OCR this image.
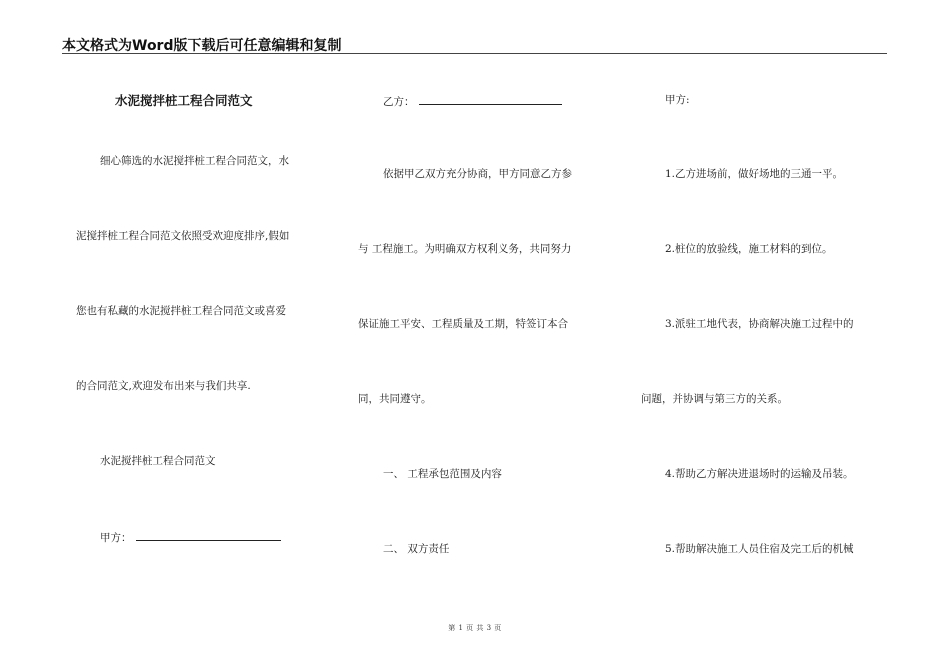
本文格式为Word版下载后可任意编辑和复制
水泥搅拌桩工程合同范文
细心筛选的水泥搅拌桩工程合同范文，水
泥搅拌桩工程合同范文依照受欢迎度排序,假如
您也有私藏的水泥搅拌桩工程合同范文或喜爱
的合同范文,欢迎发布出来与我们共享.
水泥搅拌桩工程合同范文
甲方：
乙方：
依据甲乙双方充分协商，甲方同意乙方参
与 工程施工。为明确双方权利义务，共同努力
保证施工平安、工程质量及工期，特签订本合
同，共同遵守。
一、 工程承包范围及内容
二、 双方责任
甲方:
1.乙方进场前，做好场地的三通一平。
2.桩位的放验线，施工材料的到位。
3.派驻工地代表，协商解决施工过程中的
问题，并协调与第三方的关系。
4.帮助乙方解决进退场时的运输及吊装。
5.帮助解决施工人员住宿及完工后的机械
第 1 页 共 3 页
